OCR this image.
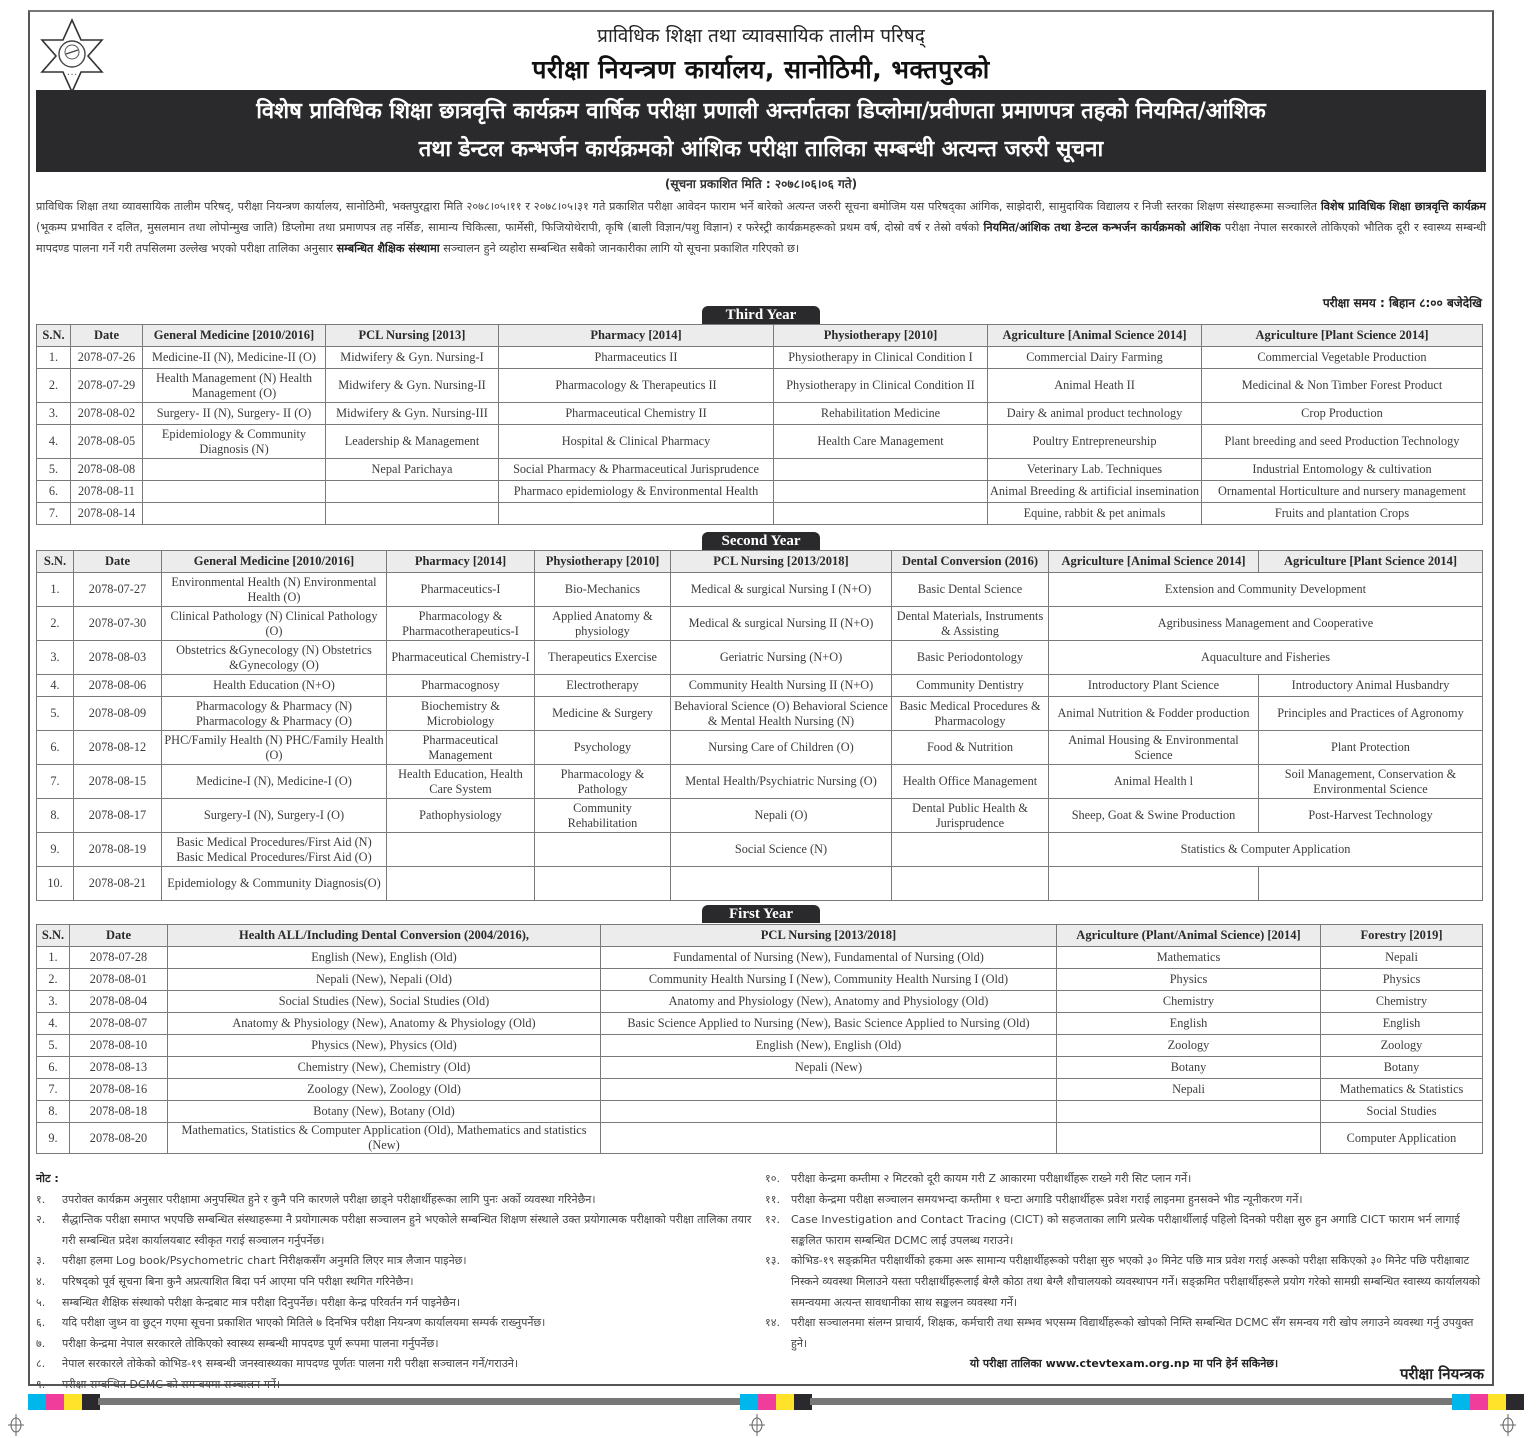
• • •
प्राविधिक शिक्षा तथा व्यावसायिक तालीम परिषद्
परीक्षा नियन्त्रण कार्यालय, सानोठिमी, भक्तपुरको
विशेष प्राविधिक शिक्षा छात्रवृत्ति कार्यक्रम वार्षिक परीक्षा प्रणाली अन्तर्गतका डिप्लोमा/प्रवीणता प्रमाणपत्र तहको नियमित/आंशिक
तथा डेन्टल कन्भर्जन कार्यक्रमको आंशिक परीक्षा तालिका सम्बन्धी अत्यन्त जरुरी सूचना
(सूचना प्रकाशित मिति : २०७८।०६।०६ गते)
प्राविधिक शिक्षा तथा व्यावसायिक तालीम परिषद्, परीक्षा नियन्त्रण कार्यालय, सानोठिमी, भक्तपुरद्वारा मिति २०७८।०५।११ र २०७८।०५।३१ गते प्रकाशित परीक्षा आवेदन फाराम भर्ने बारेको अत्यन्त जरुरी सूचना बमोजिम यस परिषद्का आंगिक, साझेदारी, सामुदायिक विद्यालय र निजी स्तरका शिक्षण संस्थाहरूमा सञ्चालित विशेष प्राविधिक शिक्षा छात्रवृत्ति कार्यक्रम (भूकम्प प्रभावित र दलित, मुसलमान तथा लोपोन्मुख जाति) डिप्लोमा तथा प्रमाणपत्र तह नर्सिङ, सामान्य चिकित्सा, फार्मेसी, फिजियोथेरापी, कृषि (बाली विज्ञान/पशु विज्ञान) र फरेस्ट्री कार्यक्रमहरूको प्रथम वर्ष, दोस्रो वर्ष र तेस्रो वर्षको नियमित/आंशिक तथा डेन्टल कन्भर्जन कार्यक्रमको आंशिक परीक्षा नेपाल सरकारले तोकिएको भौतिक दूरी र स्वास्थ्य सम्बन्धी मापदण्ड पालना गर्ने गरी तपसिलमा उल्लेख भएको परीक्षा तालिका अनुसार सम्बन्धित शैक्षिक संस्थामा सञ्चालन हुने व्यहोरा सम्बन्धित सबैको जानकारीका लागि यो सूचना प्रकाशित गरिएको छ।
परीक्षा समय : बिहान ८:०० बजेदेखि
Third Year
S.N.	Date	General Medicine [2010/2016]	PCL Nursing [2013]	Pharmacy [2014]	Physiotherapy [2010]	Agriculture [Animal Science 2014]	Agriculture [Plant Science 2014]
1.	2078-07-26	Medicine-II (N), Medicine-II (O)	Midwifery & Gyn. Nursing-I	Pharmaceutics II	Physiotherapy in Clinical Condition I	Commercial Dairy Farming	Commercial Vegetable Production
2.	2078-07-29	Health Management (N) Health Management (O)	Midwifery & Gyn. Nursing-II	Pharmacology & Therapeutics II	Physiotherapy in Clinical Condition II	Animal Heath II	Medicinal & Non Timber Forest Product
3.	2078-08-02	Surgery- II (N), Surgery- II (O)	Midwifery & Gyn. Nursing-III	Pharmaceutical Chemistry II	Rehabilitation Medicine	Dairy & animal product technology	Crop Production
4.	2078-08-05	Epidemiology & Community Diagnosis (N)	Leadership & Management	Hospital & Clinical Pharmacy	Health Care Management	Poultry Entrepreneurship	Plant breeding and seed Production Technology
5.	2078-08-08		Nepal Parichaya	Social Pharmacy & Pharmaceutical Jurisprudence		Veterinary Lab. Techniques	Industrial Entomology & cultivation
6.	2078-08-11			Pharmaco epidemiology & Environmental Health		Animal Breeding & artificial insemination	Ornamental Horticulture and nursery management
7.	2078-08-14					Equine, rabbit & pet animals	Fruits and plantation Crops
Second Year
S.N.	Date	General Medicine [2010/2016]	Pharmacy [2014]	Physiotherapy [2010]	PCL Nursing [2013/2018]	Dental Conversion (2016)	Agriculture [Animal Science 2014]	Agriculture [Plant Science 2014]
1.	2078-07-27	Environmental Health (N) Environmental Health (O)	Pharmaceutics-I	Bio-Mechanics	Medical & surgical Nursing I (N+O)	Basic Dental Science	Extension and Community Development	
2.	2078-07-30	Clinical Pathology (N) Clinical Pathology (O)	Pharmacology & Pharmacotherapeutics-I	Applied Anatomy & physiology	Medical & surgical Nursing II (N+O)	Dental Materials, Instruments & Assisting	Agribusiness Management and Cooperative	
3.	2078-08-03	Obstetrics &Gynecology (N) Obstetrics &Gynecology (O)	Pharmaceutical Chemistry-I	Therapeutics Exercise	Geriatric Nursing (N+O)	Basic Periodontology	Aquaculture and Fisheries	
4.	2078-08-06	Health Education (N+O)	Pharmacognosy	Electrotherapy	Community Health Nursing II (N+O)	Community Dentistry	Introductory Plant Science	Introductory Animal Husbandry
5.	2078-08-09	Pharmacology & Pharmacy (N) Pharmacology & Pharmacy (O)	Biochemistry & Microbiology	Medicine & Surgery	Behavioral Science (O) Behavioral Science & Mental Health Nursing (N)	Basic Medical Procedures & Pharmacology	Animal Nutrition & Fodder production	Principles and Practices of Agronomy
6.	2078-08-12	PHC/Family Health (N) PHC/Family Health (O)	Pharmaceutical Management	Psychology	Nursing Care of Children (O)	Food & Nutrition	Animal Housing & Environmental Science	Plant Protection
7.	2078-08-15	Medicine-I (N), Medicine-I (O)	Health Education, Health Care System	Pharmacology & Pathology	Mental Health/Psychiatric Nursing (O)	Health Office Management	Animal Health l	Soil Management, Conservation & Environmental Science
8.	2078-08-17	Surgery-I (N), Surgery-I (O)	Pathophysiology	Community Rehabilitation	Nepali (O)	Dental Public Health & Jurisprudence	Sheep, Goat & Swine Production	Post-Harvest Technology
9.	2078-08-19	Basic Medical Procedures/First Aid (N) Basic Medical Procedures/First Aid (O)			Social Science (N)		Statistics & Computer Application	
10.	2078-08-21	Epidemiology & Community Diagnosis(O)						
First Year
S.N.	Date	Health ALL/Including Dental Conversion (2004/2016),	PCL Nursing [2013/2018]	Agriculture (Plant/Animal Science) [2014]	Forestry [2019]
1.	2078-07-28	English (New), English (Old)	Fundamental of Nursing (New), Fundamental of Nursing (Old)	Mathematics	Nepali
2.	2078-08-01	Nepali (New), Nepali (Old)	Community Health Nursing I (New), Community Health Nursing I (Old)	Physics	Physics
3.	2078-08-04	Social Studies (New), Social Studies (Old)	Anatomy and Physiology (New), Anatomy and Physiology (Old)	Chemistry	Chemistry
4.	2078-08-07	Anatomy & Physiology (New), Anatomy & Physiology (Old)	Basic Science Applied to Nursing (New), Basic Science Applied to Nursing (Old)	English	English
5.	2078-08-10	Physics (New), Physics (Old)	English (New), English (Old)	Zoology	Zoology
6.	2078-08-13	Chemistry (New), Chemistry (Old)	Nepali (New)	Botany	Botany
7.	2078-08-16	Zoology (New), Zoology (Old)		Nepali	Mathematics & Statistics
8.	2078-08-18	Botany (New), Botany (Old)			Social Studies
9.	2078-08-20	Mathematics, Statistics & Computer Application (Old), Mathematics and statistics (New)			Computer Application
नोट :
१.	उपरोक्त कार्यक्रम अनुसार परीक्षामा अनुपस्थित हुने र कुनै पनि कारणले परीक्षा छाड्ने परीक्षार्थीहरूका लागि पुनः अर्को व्यवस्था गरिनेछैन।
२.	सैद्धान्तिक परीक्षा समाप्त भएपछि सम्बन्धित संस्थाहरूमा नै प्रयोगात्मक परीक्षा सञ्चालन हुने भएकोले सम्बन्धित शिक्षण संस्थाले उक्त प्रयोगात्मक परीक्षाको परीक्षा तालिका तयार गरी सम्बन्धित प्रदेश कार्यालयबाट स्वीकृत गराई सञ्चालन गर्नुपर्नेछ।
३.	परीक्षा हलमा Log book/Psychometric chart निरीक्षकसँग अनुमति लिएर मात्र लैजान पाइनेछ।
४.	परिषद्को पूर्व सूचना बिना कुनै अप्रत्याशित बिदा पर्न आएमा पनि परीक्षा स्थगित गरिनेछैन।
५.	सम्बन्धित शैक्षिक संस्थाको परीक्षा केन्द्रबाट मात्र परीक्षा दिनुपर्नेछ। परीक्षा केन्द्र परिवर्तन गर्न पाइनेछैन।
६.	यदि परीक्षा जुध्न वा छुट्न गएमा सूचना प्रकाशित भाएको मितिले ७ दिनभित्र परीक्षा नियन्त्रण कार्यालयमा सम्पर्क राख्नुपर्नेछ।
७.	परीक्षा केन्द्रमा नेपाल सरकारले तोकिएको स्वास्थ्य सम्बन्धी मापदण्ड पूर्ण रूपमा पालना गर्नुपर्नेछ।
८.	नेपाल सरकारले तोकेको कोभिड-१९ सम्बन्धी जनस्वास्थ्यका मापदण्ड पूर्णतः पालना गरी परीक्षा सञ्चालन गर्ने/गराउने।
९.	परीक्षा सम्बन्धित DCMC को समन्वयमा सञ्चालन गर्ने।
१०.	परीक्षा केन्द्रमा कम्तीमा २ मिटरको दूरी कायम गरी Z आकारमा परीक्षार्थीहरू राख्ने गरी सिट प्लान गर्ने।
११.	परीक्षा केन्द्रमा परीक्षा सञ्चालन समयभन्दा कम्तीमा १ घन्टा अगाडि परीक्षार्थीहरू प्रवेश गराई लाइनमा हुनसक्ने भीड न्यूनीकरण गर्ने।
१२.	Case Investigation and Contact Tracing (CICT) को सहजताका लागि प्रत्येक परीक्षार्थीलाई पहिलो दिनको परीक्षा सुरु हुन अगाडि CICT फाराम भर्न लागाई सङ्कलित फाराम सम्बन्धित DCMC लाई उपलब्ध गराउने।
१३.	कोभिड-१९ सङ्क्रमित परीक्षार्थीको हकमा अरू सामान्य परीक्षार्थीहरूको परीक्षा सुरु भएको ३० मिनेट पछि मात्र प्रवेश गराई अरूको परीक्षा सकिएको ३० मिनेट पछि परीक्षाबाट निस्कने व्यवस्था मिलाउने यस्ता परीक्षार्थीहरूलाई बेग्लै कोठा तथा बेग्लै शौचालयको व्यवस्थापन गर्ने। सङ्क्रमित परीक्षार्थीहरूले प्रयोग गरेको सामग्री सम्बन्धित स्वास्थ्य कार्यालयको समन्वयमा अत्यन्त सावधानीका साथ सङ्कलन व्यवस्था गर्ने।
१४.	परीक्षा सञ्चालनमा संलग्न प्राचार्य, शिक्षक, कर्मचारी तथा सम्भव भएसम्म विद्यार्थीहरूको खोपको निम्ति सम्बन्धित DCMC सँग समन्वय गरी खोप लगाउने व्यवस्था गर्नु उपयुक्त हुने।
यो परीक्षा तालिका www.ctevtexam.org.np मा पनि हेर्न सकिनेछ।
परीक्षा नियन्त्रक
